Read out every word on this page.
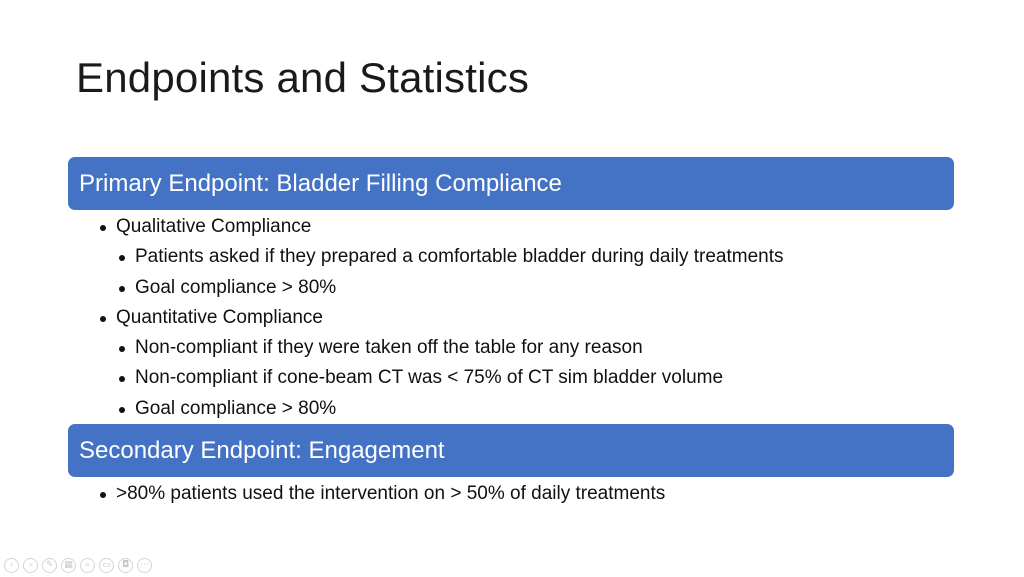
Endpoints and Statistics
Primary Endpoint: Bladder Filling Compliance
Qualitative Compliance
Patients asked if they prepared a comfortable bladder during daily treatments
Goal compliance > 80%
Quantitative Compliance
Non-compliant if they were taken off the table for any reason
Non-compliant if cone-beam CT was < 75% of CT sim bladder volume
Goal compliance > 80%
Secondary Endpoint: Engagement
>80% patients used the intervention on > 50% of daily treatments
‹	›	✎	▦	⌕	▭	◘	⋯
